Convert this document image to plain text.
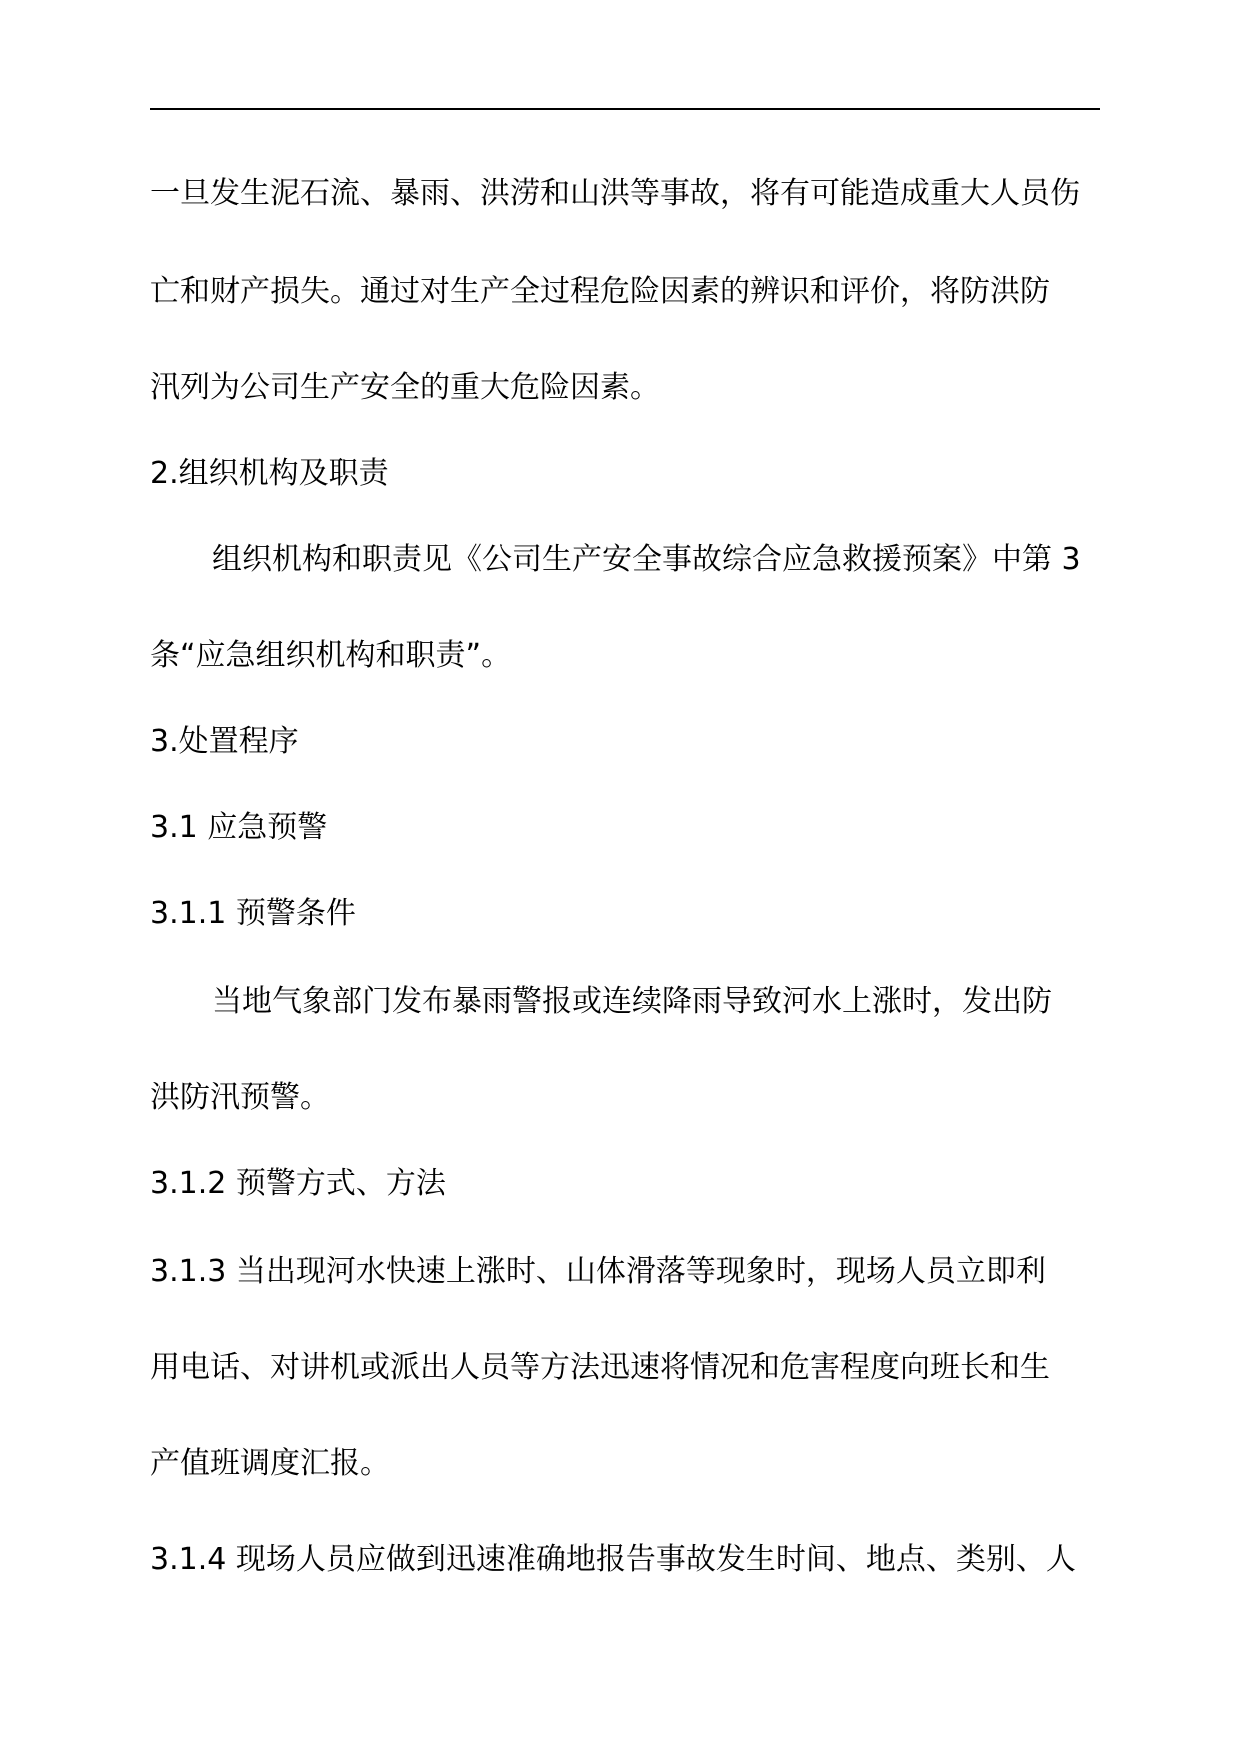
一旦发生泥石流、暴雨、洪涝和山洪等事故，将有可能造成重大人员伤
亡和财产损失。通过对生产全过程危险因素的辨识和评价，将防洪防
汛列为公司生产安全的重大危险因素。
2.组织机构及职责
组织机构和职责见《公司生产安全事故综合应急救援预案》中第 3
条“应急组织机构和职责”。
3.处置程序
3.1 应急预警
3.1.1 预警条件
当地气象部门发布暴雨警报或连续降雨导致河水上涨时，发出防
洪防汛预警。
3.1.2 预警方式、方法
3.1.3 当出现河水快速上涨时、山体滑落等现象时，现场人员立即利
用电话、对讲机或派出人员等方法迅速将情况和危害程度向班长和生
产值班调度汇报。
3.1.4 现场人员应做到迅速准确地报告事故发生时间、地点、类别、人
